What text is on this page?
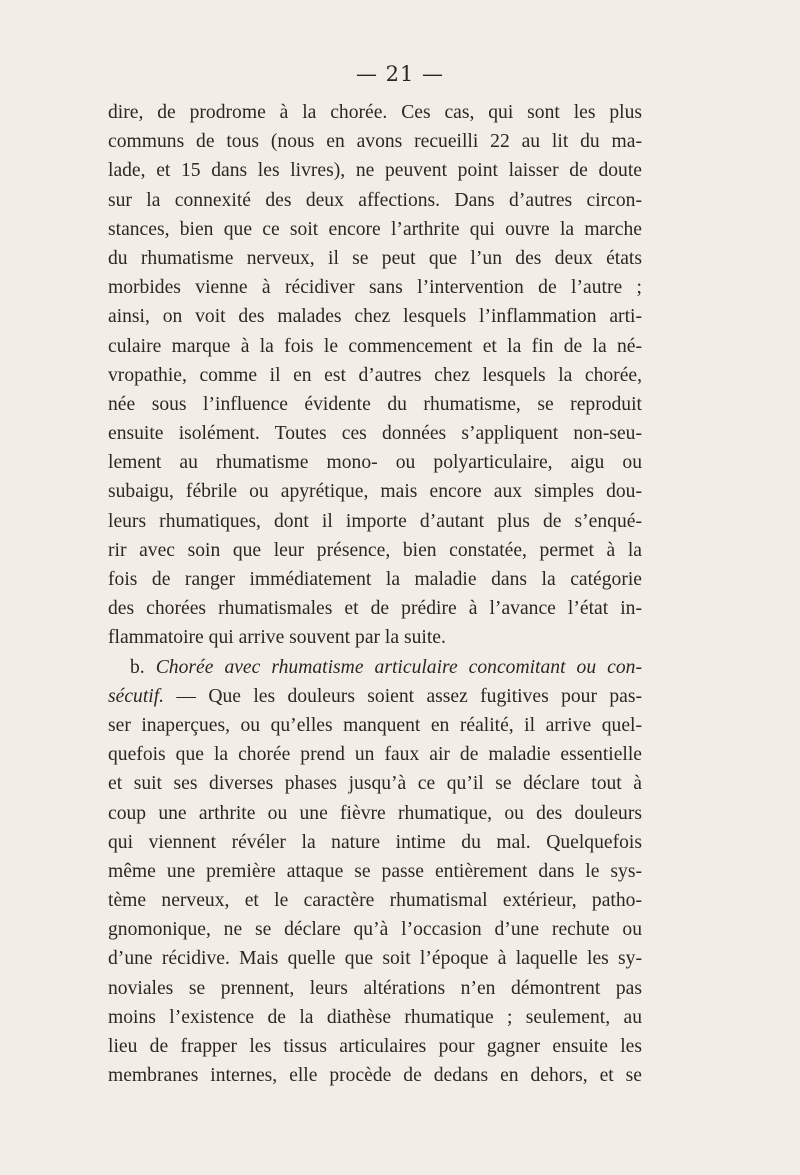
— 21 —
dire, de prodrome à la chorée. Ces cas, qui sont les plus
communs de tous (nous en avons recueilli 22 au lit du ma-
lade, et 15 dans les livres), ne peuvent point laisser de doute
sur la connexité des deux affections. Dans d’autres circon-
stances, bien que ce soit encore l’arthrite qui ouvre la marche
du rhumatisme nerveux, il se peut que l’un des deux états
morbides vienne à récidiver sans l’intervention de l’autre ;
ainsi, on voit des malades chez lesquels l’inflammation arti-
culaire marque à la fois le commencement et la fin de la né-
vropathie, comme il en est d’autres chez lesquels la chorée,
née sous l’influence évidente du rhumatisme, se reproduit
ensuite isolément. Toutes ces données s’appliquent non-seu-
lement au rhumatisme mono- ou polyarticulaire, aigu ou
subaigu, fébrile ou apyrétique, mais encore aux simples dou-
leurs rhumatiques, dont il importe d’autant plus de s’enqué-
rir avec soin que leur présence, bien constatée, permet à la
fois de ranger immédiatement la maladie dans la catégorie
des chorées rhumatismales et de prédire à l’avance l’état in-
flammatoire qui arrive souvent par la suite.
b. Chorée avec rhumatisme articulaire concomitant ou con-
sécutif. — Que les douleurs soient assez fugitives pour pas-
ser inaperçues, ou qu’elles manquent en réalité, il arrive quel-
quefois que la chorée prend un faux air de maladie essentielle
et suit ses diverses phases jusqu’à ce qu’il se déclare tout à
coup une arthrite ou une fièvre rhumatique, ou des douleurs
qui viennent révéler la nature intime du mal. Quelquefois
même une première attaque se passe entièrement dans le sys-
tème nerveux, et le caractère rhumatismal extérieur, patho-
gnomonique, ne se déclare qu’à l’occasion d’une rechute ou
d’une récidive. Mais quelle que soit l’époque à laquelle les sy-
noviales se prennent, leurs altérations n’en démontrent pas
moins l’existence de la diathèse rhumatique ; seulement, au
lieu de frapper les tissus articulaires pour gagner ensuite les
membranes internes, elle procède de dedans en dehors, et se
